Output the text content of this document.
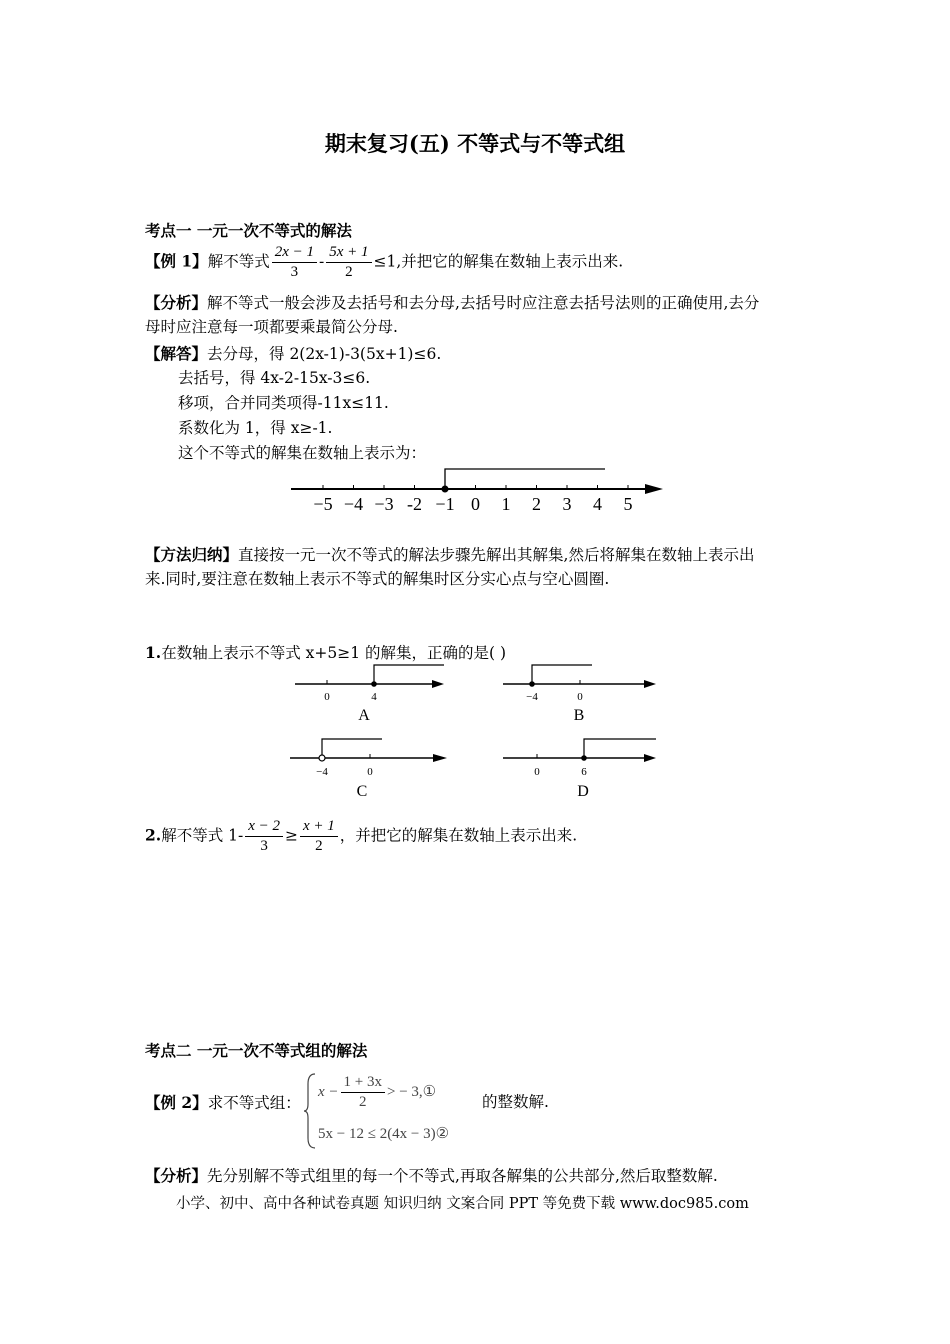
期末复习(五) 不等式与不等式组
考点一 一元一次不等式的解法
【例 1】解不等式 $\frac{2x - 1}{3} - \frac{5x + 1}{2} \le 1$,并把它的解集在数轴上表示出来.
【分析】解不等式一般会涉及去括号和去分母,去括号时应注意去括号法则的正确使用,去分
母时应注意每一项都要乘最简公分母.
【解答】去分母，得 2(2x-1)-3(5x+1)≤6.
去括号，得 4x-2-15x-3≤6.
移项，合并同类项得-11x≤11.
系数化为 1，得 x≥-1.
这个不等式的解集在数轴上表示为：
−5 −4 −3 -2 −1 0 1 2 3 4 5
【方法归纳】直接按一元一次不等式的解法步骤先解出其解集,然后将解集在数轴上表示出
来.同时,要注意在数轴上表示不等式的解集时区分实心点与空心圆圈.
1.在数轴上表示不等式 x+5≥1 的解集，正确的是( )
0	4
A
−4	0
B
−4	0
C
0	6
D
2.解不等式 $1- \frac{x - 2}{3} \ge \frac{x + 1}{2}$ ，并把它的解集在数轴上表示出来.
考点二 一元一次不等式组的解法
【例 2】求不等式组：
$x - \frac{1 + 3x}{2}$ > − 3,①
5x − 12 ≤ 2(4x − 3)②
的整数解.
【分析】先分别解不等式组里的每一个不等式,再取各解集的公共部分,然后取整数解.
小学、初中、高中各种试卷真题 知识归纳 文案合同 PPT 等免费下载 www.doc985.com
